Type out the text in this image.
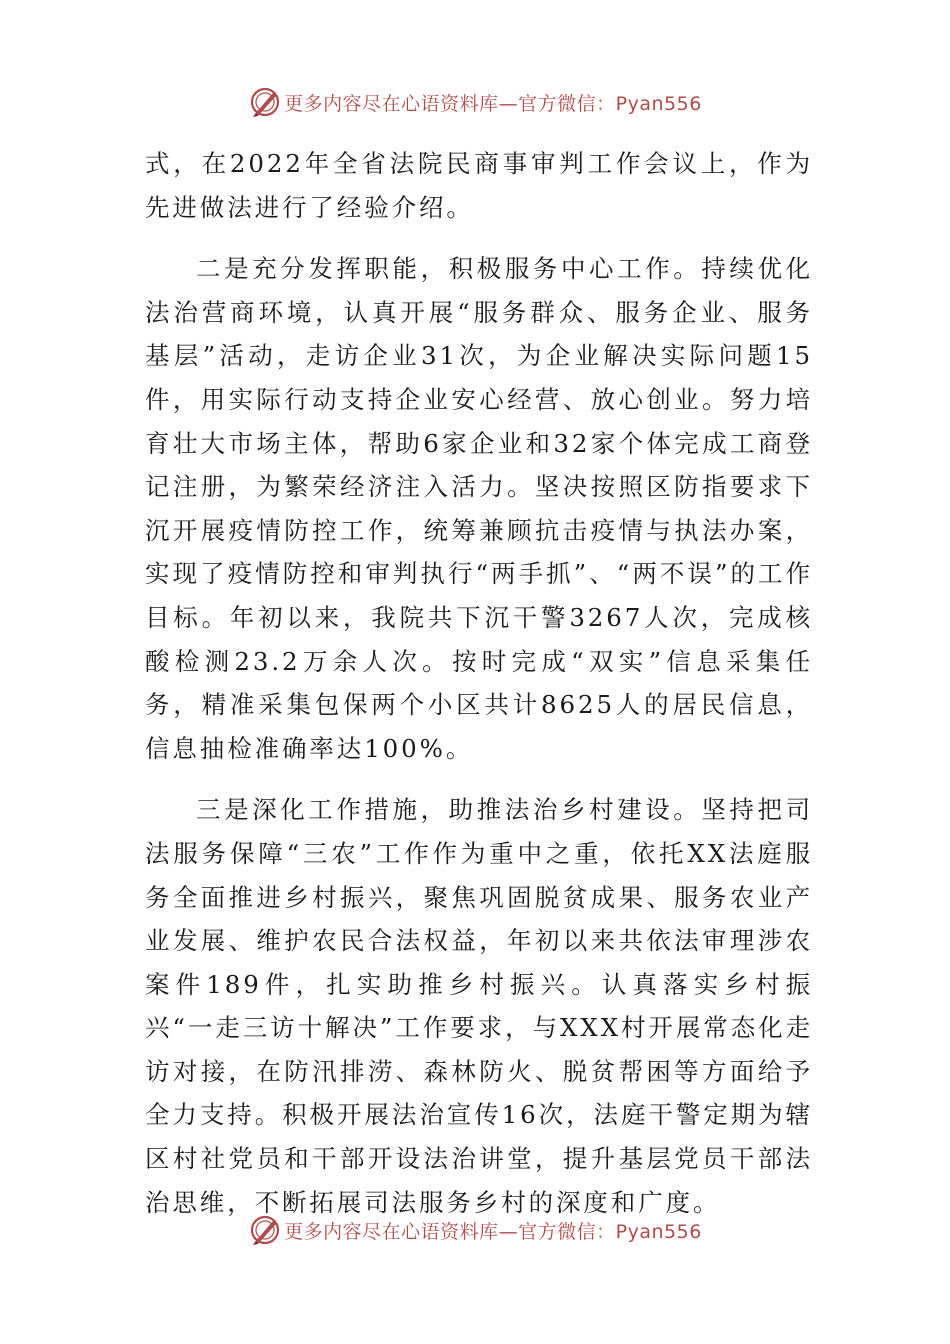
更多内容尽在心语资料库—官方微信：Pyan556

式，在2022年全省法院民商事审判工作会议上，作为先进做法进行了经验介绍。

二是充分发挥职能，积极服务中心工作。持续优化法治营商环境，认真开展“服务群众、服务企业、服务基层”活动，走访企业31次，为企业解决实际问题15件，用实际行动支持企业安心经营、放心创业。努力培育壮大市场主体，帮助6家企业和32家个体完成工商登记注册，为繁荣经济注入活力。坚决按照区防指要求下沉开展疫情防控工作，统筹兼顾抗击疫情与执法办案，实现了疫情防控和审判执行“两手抓”、“两不误”的工作目标。年初以来，我院共下沉干警3267人次，完成核酸检测23.2万余人次。按时完成“双实”信息采集任务，精准采集包保两个小区共计8625人的居民信息，信息抽检准确率达100%。

三是深化工作措施，助推法治乡村建设。坚持把司法服务保障“三农”工作作为重中之重，依托XX法庭服务全面推进乡村振兴，聚焦巩固脱贫成果、服务农业产业发展、维护农民合法权益，年初以来共依法审理涉农案件189件，扎实助推乡村振兴。认真落实乡村振兴“一走三访十解决”工作要求，与XXX村开展常态化走访对接，在防汛排涝、森林防火、脱贫帮困等方面给予全力支持。积极开展法治宣传16次，法庭干警定期为辖区村社党员和干部开设法治讲堂，提升基层党员干部法治思维，不断拓展司法服务乡村的深度和广度。

更多内容尽在心语资料库—官方微信：Pyan556
